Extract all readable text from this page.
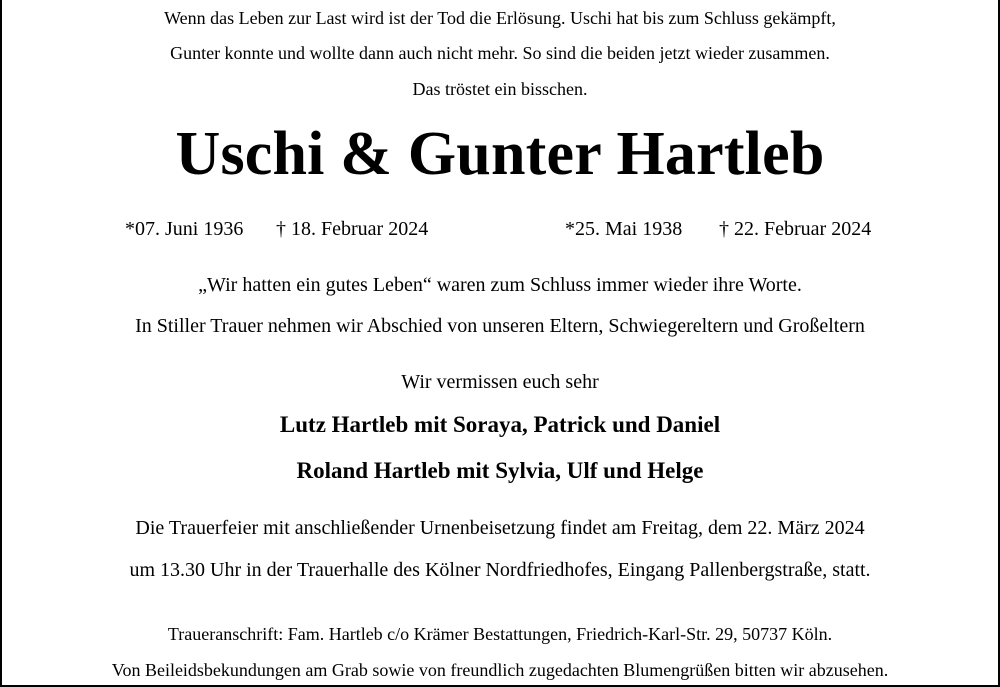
Wenn das Leben zur Last wird ist der Tod die Erlösung. Uschi hat bis zum Schluss gekämpft,
Gunter konnte und wollte dann auch nicht mehr. So sind die beiden jetzt wieder zusammen.
Das tröstet ein bisschen.
Uschi & Gunter Hartleb
*07. Juni 1936 † 18. Februar 2024	*25. Mai 1938 † 22. Februar 2024
„Wir hatten ein gutes Leben“ waren zum Schluss immer wieder ihre Worte.
In Stiller Trauer nehmen wir Abschied von unseren Eltern, Schwiegereltern und Großeltern
Wir vermissen euch sehr
Lutz Hartleb mit Soraya, Patrick und Daniel
Roland Hartleb mit Sylvia, Ulf und Helge
Die Trauerfeier mit anschließender Urnenbeisetzung findet am Freitag, dem 22. März 2024
um 13.30 Uhr in der Trauerhalle des Kölner Nordfriedhofes, Eingang Pallenbergstraße, statt.
Traueranschrift: Fam. Hartleb c/o Krämer Bestattungen, Friedrich-Karl-Str. 29, 50737 Köln.
Von Beileidsbekundungen am Grab sowie von freundlich zugedachten Blumengrüßen bitten wir abzusehen.
